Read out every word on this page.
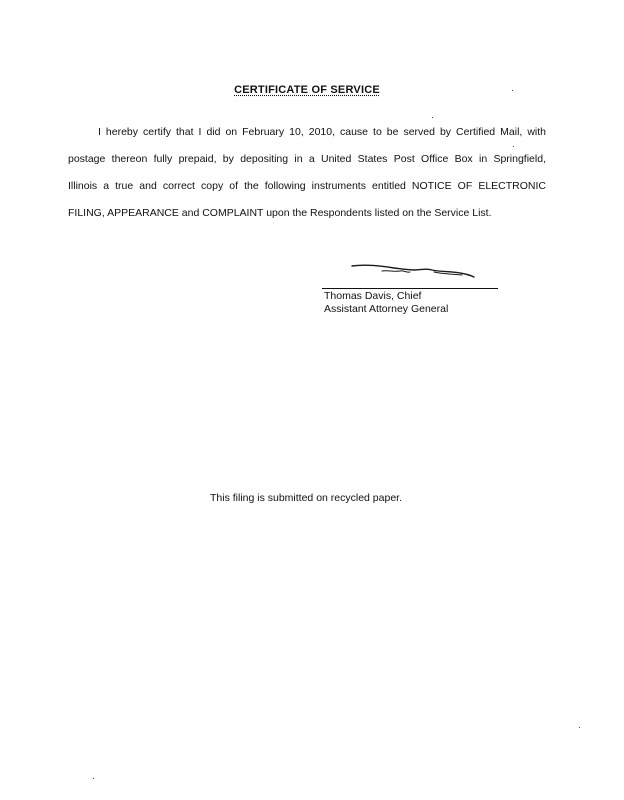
CERTIFICATE OF SERVICE
I hereby certify that I did on February 10, 2010, cause to be served by Certified Mail, with
postage thereon fully prepaid, by depositing in a United States Post Office Box in Springfield,
Illinois a true and correct copy of the following instruments entitled NOTICE OF ELECTRONIC
FILING, APPEARANCE and COMPLAINT upon the Respondents listed on the Service List.
Thomas Davis, Chief
Assistant Attorney General
This filing is submitted on recycled paper.
